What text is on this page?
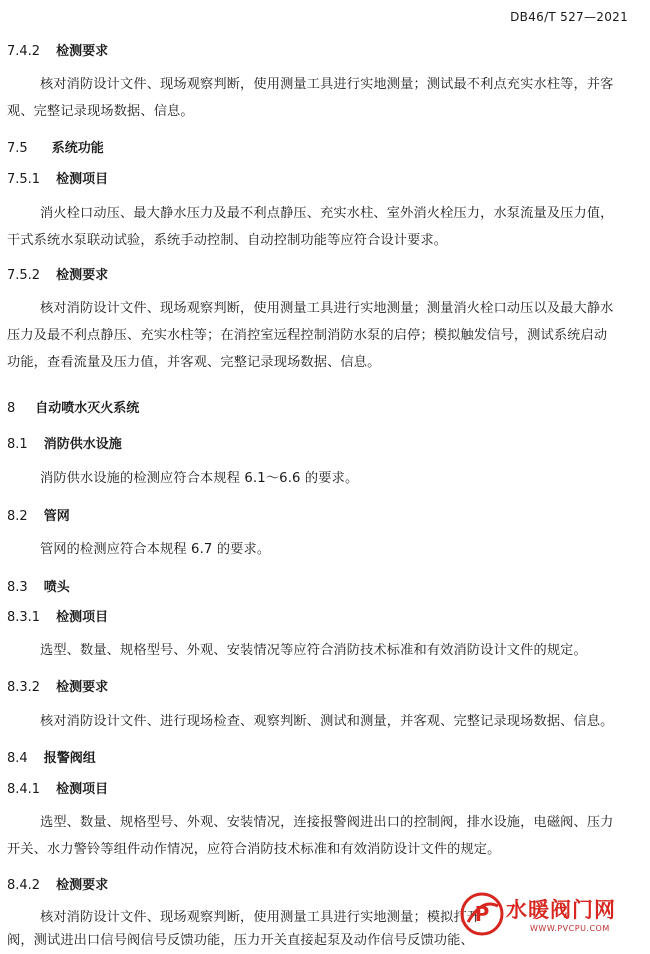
DB46/T 527—2021
7.4.2 检测要求
核对消防设计文件、现场观察判断，使用测量工具进行实地测量；测试最不利点充实水柱等，并客
观、完整记录现场数据、信息。
7.5 系统功能
7.5.1 检测项目
消火栓口动压、最大静水压力及最不利点静压、充实水柱、室外消火栓压力，水泵流量及压力值，
干式系统水泵联动试验，系统手动控制、自动控制功能等应符合设计要求。
7.5.2 检测要求
核对消防设计文件、现场观察判断，使用测量工具进行实地测量；测量消火栓口动压以及最大静水
压力及最不利点静压、充实水柱等；在消控室远程控制消防水泵的启停；模拟触发信号，测试系统启动
功能，查看流量及压力值，并客观、完整记录现场数据、信息。
8 自动喷水灭火系统
8.1 消防供水设施
消防供水设施的检测应符合本规程 6.1～6.6 的要求。
8.2 管网
管网的检测应符合本规程 6.7 的要求。
8.3 喷头
8.3.1 检测项目
选型、数量、规格型号、外观、安装情况等应符合消防技术标准和有效消防设计文件的规定。
8.3.2 检测要求
核对消防设计文件、进行现场检查、观察判断、测试和测量，并客观、完整记录现场数据、信息。
8.4 报警阀组
8.4.1 检测项目
选型、数量、规格型号、外观、安装情况，连接报警阀进出口的控制阀，排水设施，电磁阀、压力
开关、水力警铃等组件动作情况，应符合消防技术标准和有效消防设计文件的规定。
8.4.2 检测要求
核对消防设计文件、现场观察判断，使用测量工具进行实地测量；模拟打开
阀，测试进出口信号阀信号反馈功能，压力开关直接起泵及动作信号反馈功能、
P 水暖阀门网
WWW.PVCPU.COM
